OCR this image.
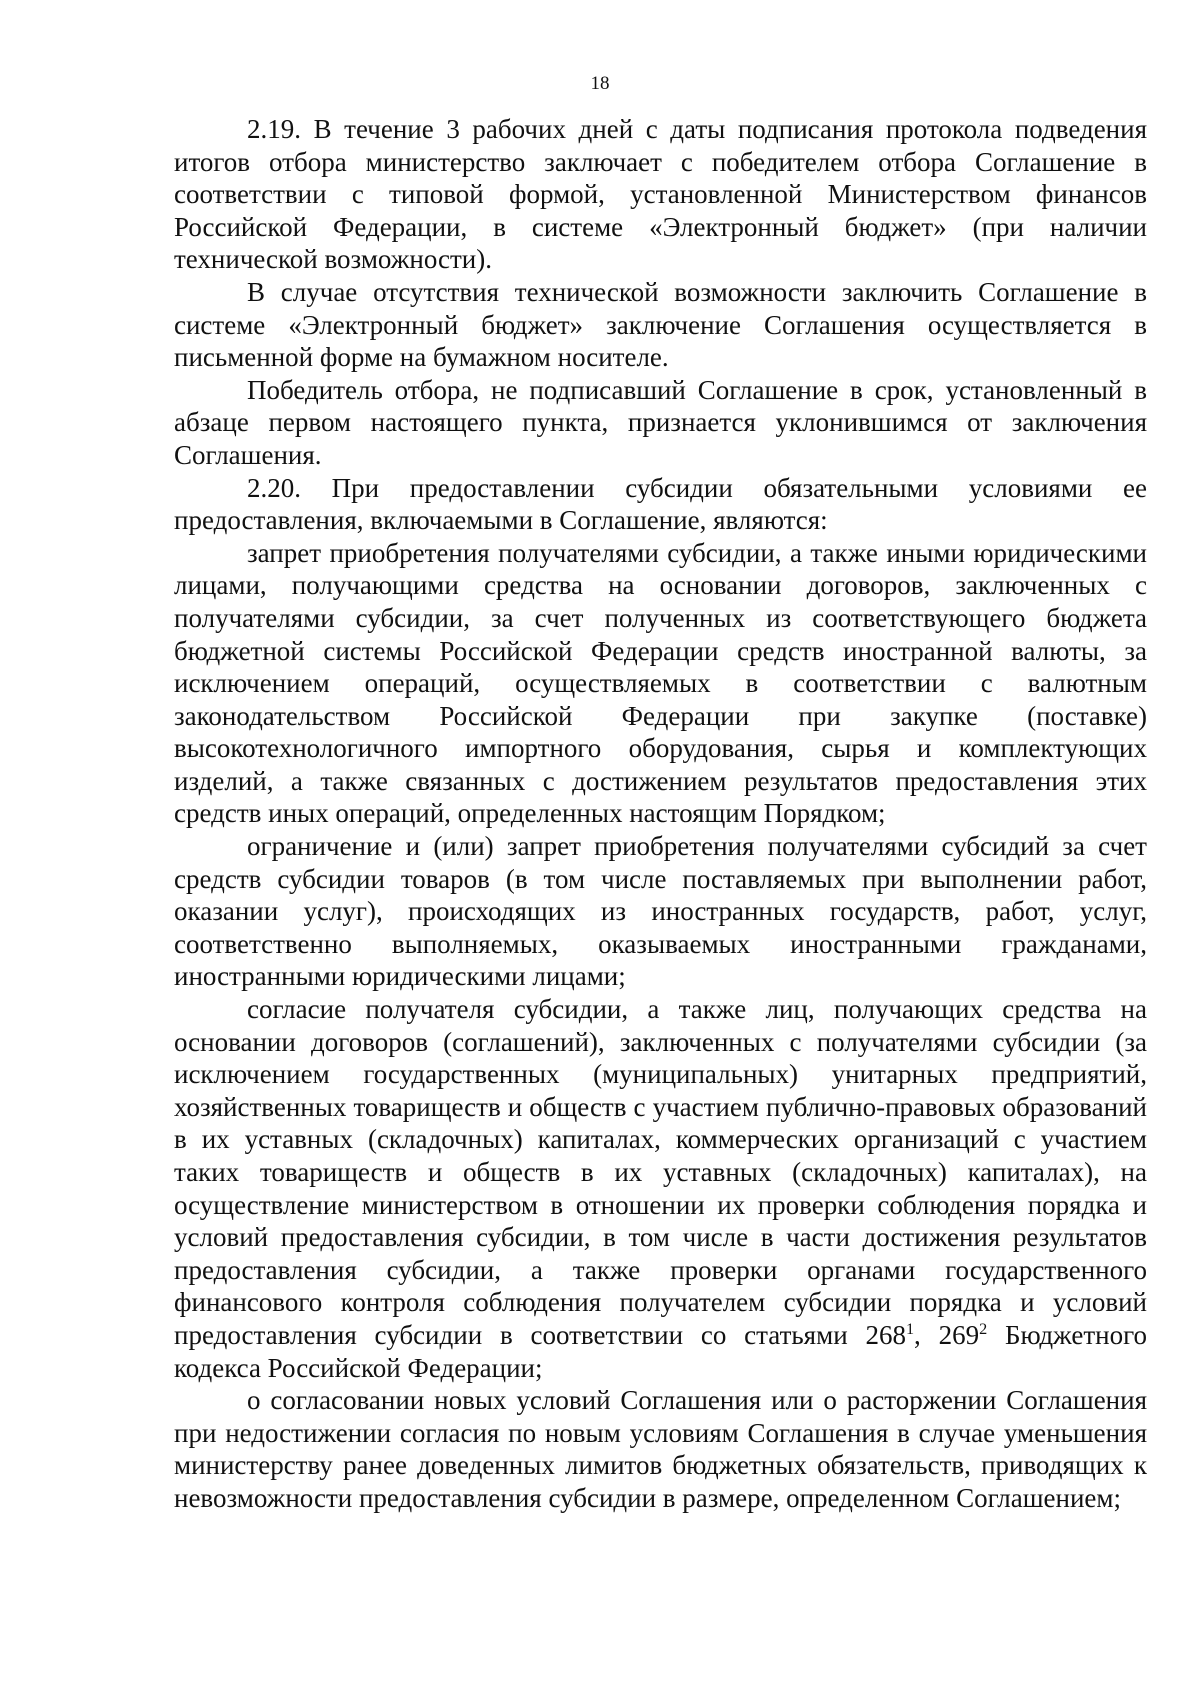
18

2.19. В течение 3 рабочих дней с даты подписания протокола подведения итогов отбора министерство заключает с победителем отбора Соглашение в соответствии с типовой формой, установленной Министерством финансов Российской Федерации, в системе «Электронный бюджет» (при наличии технической возможности).

В случае отсутствия технической возможности заключить Соглашение в системе «Электронный бюджет» заключение Соглашения осуществляется в письменной форме на бумажном носителе.

Победитель отбора, не подписавший Соглашение в срок, установленный в абзаце первом настоящего пункта, признается уклонившимся от заключения Соглашения.

2.20. При предоставлении субсидии обязательными условиями ее предоставления, включаемыми в Соглашение, являются:

запрет приобретения получателями субсидии, а также иными юридическими лицами, получающими средства на основании договоров, заключенных с получателями субсидии, за счет полученных из соответствующего бюджета бюджетной системы Российской Федерации средств иностранной валюты, за исключением операций, осуществляемых в соответствии с валютным законодательством Российской Федерации при закупке (поставке) высокотехнологичного импортного оборудования, сырья и комплектующих изделий, а также связанных с достижением результатов предоставления этих средств иных операций, определенных настоящим Порядком;

ограничение и (или) запрет приобретения получателями субсидий за счет средств субсидии товаров (в том числе поставляемых при выполнении работ, оказании услуг), происходящих из иностранных государств, работ, услуг, соответственно выполняемых, оказываемых иностранными гражданами, иностранными юридическими лицами;

согласие получателя субсидии, а также лиц, получающих средства на основании договоров (соглашений), заключенных с получателями субсидии (за исключением государственных (муниципальных) унитарных предприятий, хозяйственных товариществ и обществ с участием публично-правовых образований в их уставных (складочных) капиталах, коммерческих организаций с участием таких товариществ и обществ в их уставных (складочных) капиталах), на осуществление министерством в отношении их проверки соблюдения порядка и условий предоставления субсидии, в том числе в части достижения результатов предоставления субсидии, а также проверки органами государственного финансового контроля соблюдения получателем субсидии порядка и условий предоставления субсидии в соответствии со статьями $268^1$, $269^2$ Бюджетного кодекса Российской Федерации;

о согласовании новых условий Соглашения или о расторжении Соглашения при недостижении согласия по новым условиям Соглашения в случае уменьшения министерству ранее доведенных лимитов бюджетных обязательств, приводящих к невозможности предоставления субсидии в размере, определенном Соглашением;
